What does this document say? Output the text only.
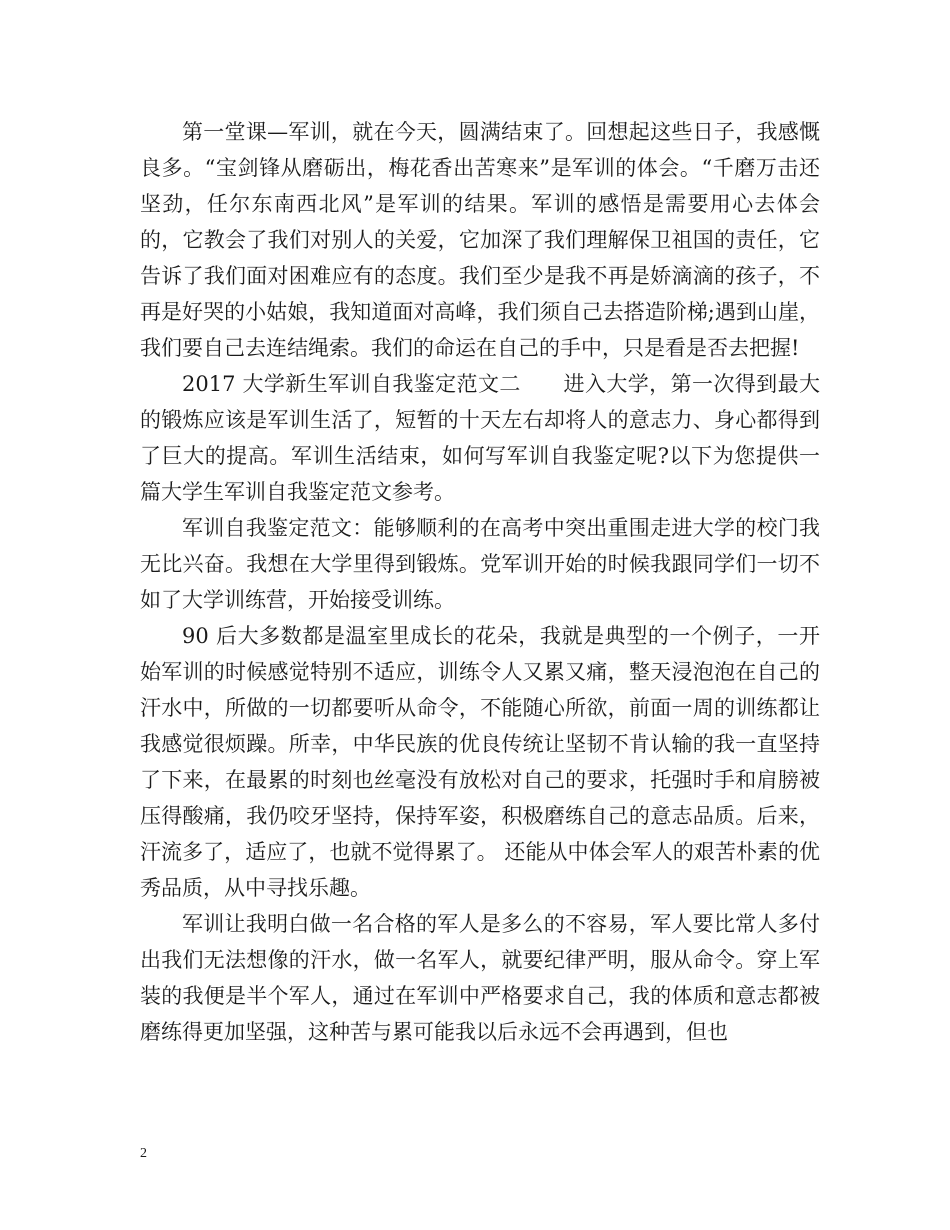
第一堂课—军训，就在今天，圆满结束了。回想起这些日子，我感慨良多。“宝剑锋从磨砺出，梅花香出苦寒来”是军训的体会。“千磨万击还坚劲，任尔东南西北风”是军训的结果。军训的感悟是需要用心去体会的，它教会了我们对别人的关爱，它加深了我们理解保卫祖国的责任，它告诉了我们面对困难应有的态度。我们至少是我不再是娇滴滴的孩子，不再是好哭的小姑娘，我知道面对高峰，我们须自己去搭造阶梯;遇到山崖，我们要自己去连结绳索。我们的命运在自己的手中，只是看是否去把握!

2017 大学新生军训自我鉴定范文二　　进入大学，第一次得到最大的锻炼应该是军训生活了，短暂的十天左右却将人的意志力、身心都得到了巨大的提高。军训生活结束，如何写军训自我鉴定呢?以下为您提供一篇大学生军训自我鉴定范文参考。

军训自我鉴定范文：能够顺利的在高考中突出重围走进大学的校门我无比兴奋。我想在大学里得到锻炼。党军训开始的时候我跟同学们一切不如了大学训练营，开始接受训练。

90 后大多数都是温室里成长的花朵，我就是典型的一个例子，一开始军训的时候感觉特别不适应，训练令人又累又痛，整天浸泡泡在自己的汗水中，所做的一切都要听从命令，不能随心所欲，前面一周的训练都让我感觉很烦躁。所幸，中华民族的优良传统让坚韧不肯认输的我一直坚持了下来，在最累的时刻也丝毫没有放松对自己的要求，托强时手和肩膀被压得酸痛，我仍咬牙坚持，保持军姿，积极磨练自己的意志品质。后来，汗流多了，适应了，也就不觉得累了。 还能从中体会军人的艰苦朴素的优秀品质，从中寻找乐趣。

军训让我明白做一名合格的军人是多么的不容易，军人要比常人多付出我们无法想像的汗水，做一名军人，就要纪律严明，服从命令。穿上军装的我便是半个军人，通过在军训中严格要求自己，我的体质和意志都被磨练得更加坚强，这种苦与累可能我以后永远不会再遇到，但也

2
